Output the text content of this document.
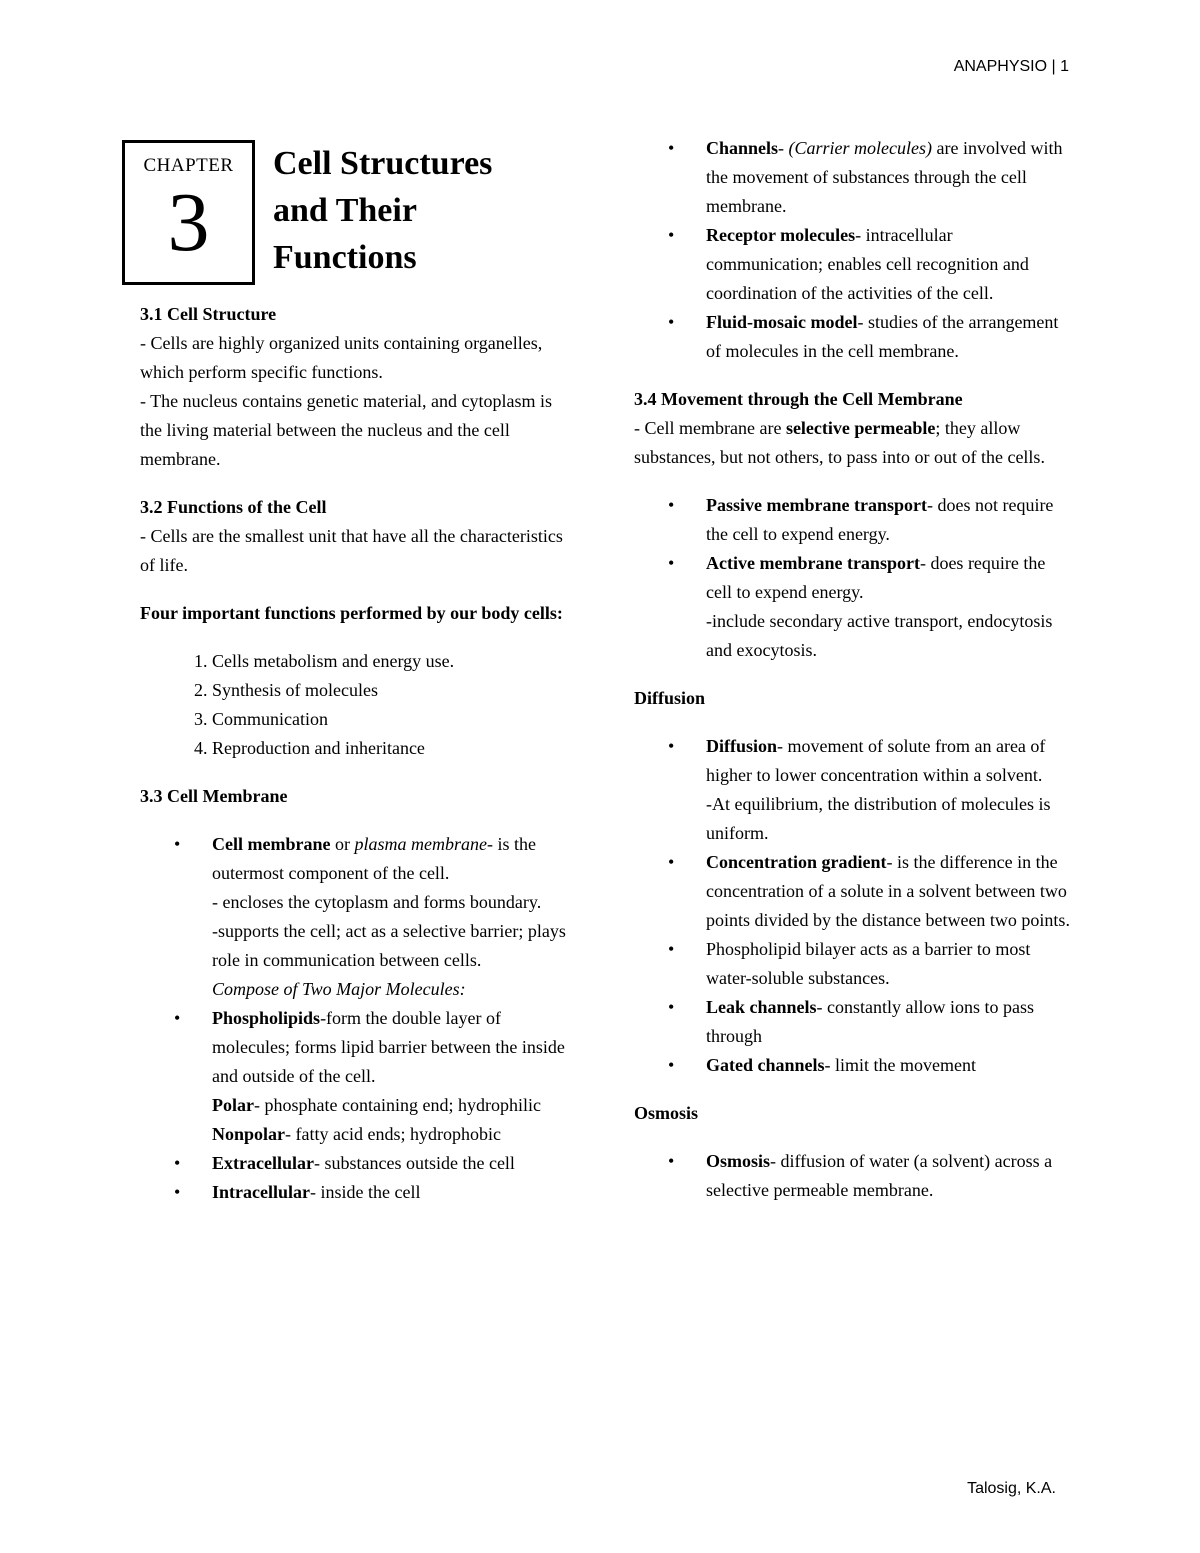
ANAPHYSIO | 1
CHAPTER
3
Cell Structures
and Their
Functions
3.1 Cell Structure

- Cells are highly organized units containing organelles, which perform specific functions.

- The nucleus contains genetic material, and cytoplasm is the living material between the nucleus and the cell membrane.

3.2 Functions of the Cell

- Cells are the smallest unit that have all the characteristics of life.

Four important functions performed by our body cells:

1. Cells metabolism and energy use.
2. Synthesis of molecules
3. Communication
4. Reproduction and inheritance
3.3 Cell Membrane
• Cell membrane or plasma membrane- is the outermost component of the cell.
- encloses the cytoplasm and forms boundary.
-supports the cell; act as a selective barrier; plays role in communication between cells.
Compose of Two Major Molecules:
• Phospholipids-form the double layer of molecules; forms lipid barrier between the inside and outside of the cell.
Polar- phosphate containing end; hydrophilic
Nonpolar- fatty acid ends; hydrophobic
• Extracellular- substances outside the cell
• Intracellular- inside the cell
• Channels- (Carrier molecules) are involved with the movement of substances through the cell membrane.
• Receptor molecules- intracellular communication; enables cell recognition and coordination of the activities of the cell.
• Fluid-mosaic model- studies of the arrangement of molecules in the cell membrane.
3.4 Movement through the Cell Membrane

- Cell membrane are selective permeable; they allow substances, but not others, to pass into or out of the cells.

• Passive membrane transport- does not require the cell to expend energy.
• Active membrane transport- does require the cell to expend energy.
-include secondary active transport, endocytosis and exocytosis.
Diffusion
• Diffusion- movement of solute from an area of higher to lower concentration within a solvent.
-At equilibrium, the distribution of molecules is uniform.
• Concentration gradient- is the difference in the concentration of a solute in a solvent between two points divided by the distance between two points.
• Phospholipid bilayer acts as a barrier to most water-soluble substances.
• Leak channels- constantly allow ions to pass through
• Gated channels- limit the movement
Osmosis
• Osmosis- diffusion of water (a solvent) across a selective permeable membrane.
Talosig, K.A.
